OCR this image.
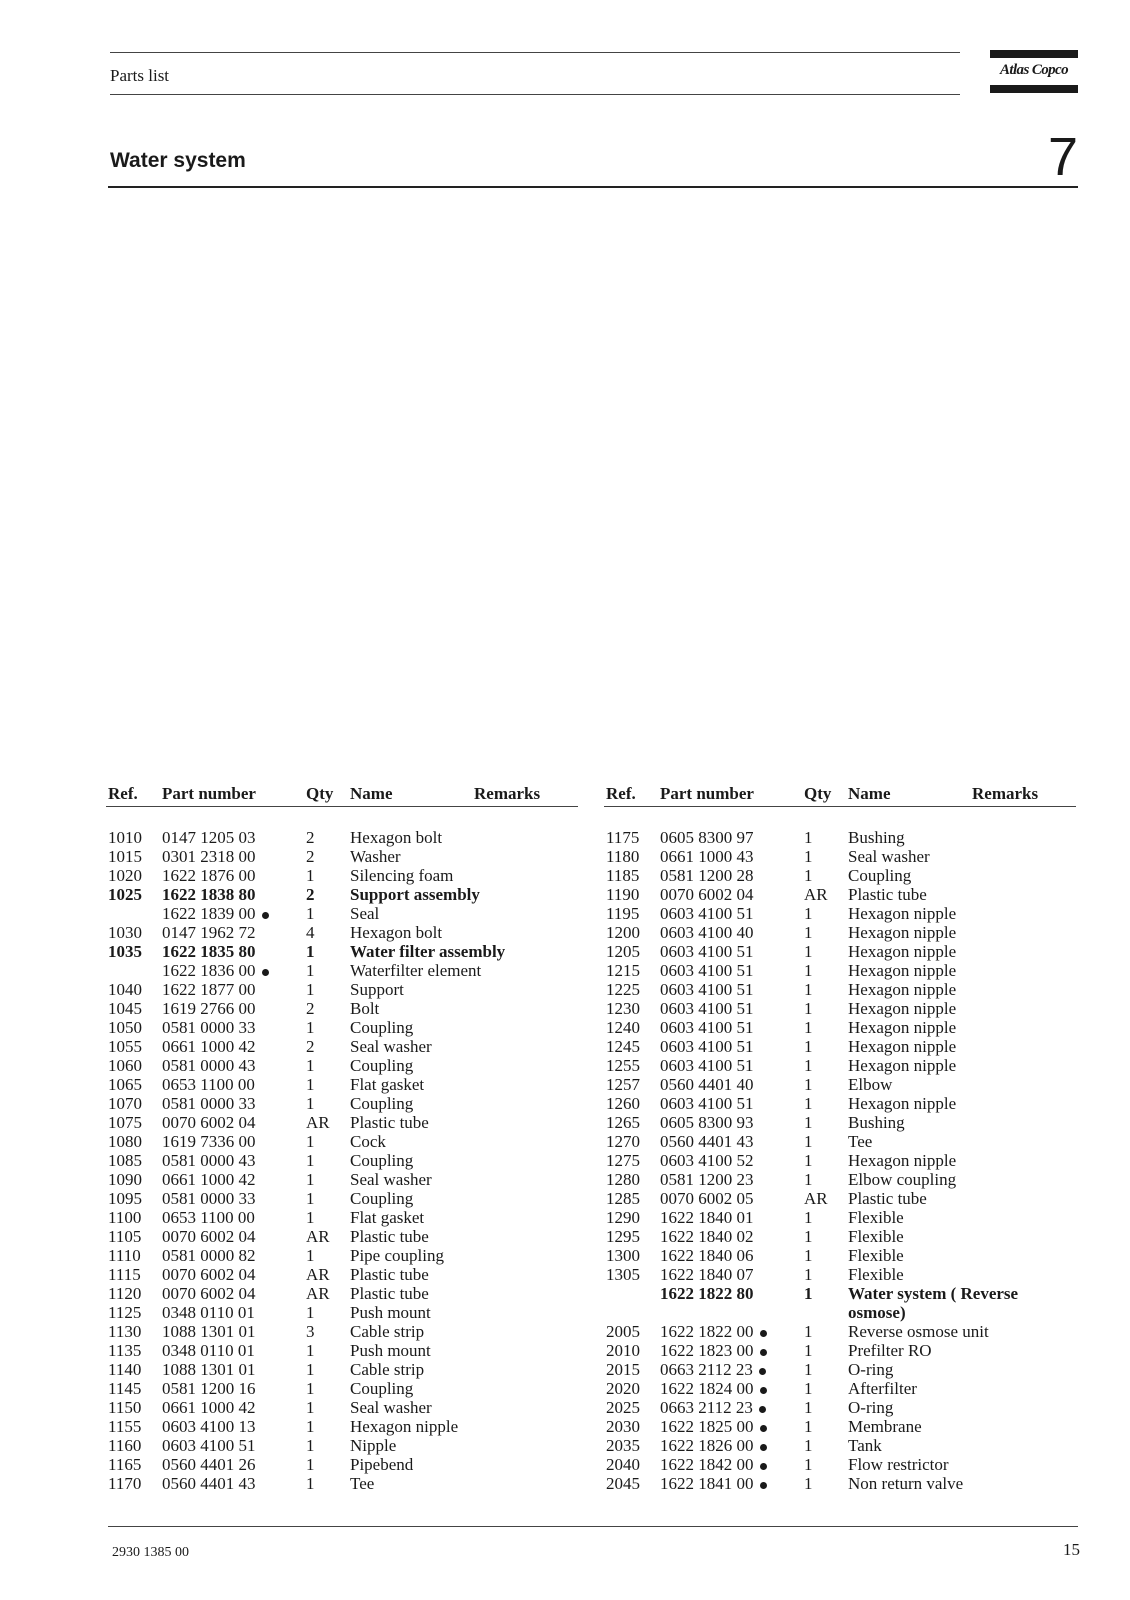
Parts list	Atlas Copco
Water system	7
Ref. Part number	Qty Name	Remarks
1010 0147 1205 03	2 Hexagon bolt
1015 0301 2318 00	2 Washer
1020 1622 1876 00	1 Silencing foam
1025 1622 1838 80	2 Support assembly
1622 1839 00	1 Seal
1030 0147 1962 72	4 Hexagon bolt
1035 1622 1835 80	1 Water filter assembly
1622 1836 00	1 Waterfilter element
1040 1622 1877 00	1 Support
1045 1619 2766 00	2 Bolt
1050 0581 0000 33	1 Coupling
1055 0661 1000 42	2 Seal washer
1060 0581 0000 43	1 Coupling
1065 0653 1100 00	1 Flat gasket
1070 0581 0000 33	1 Coupling
1075 0070 6002 04	AR Plastic tube
1080 1619 7336 00	1 Cock
1085 0581 0000 43	1 Coupling
1090 0661 1000 42	1 Seal washer
1095 0581 0000 33	1 Coupling
1100 0653 1100 00	1 Flat gasket
1105 0070 6002 04	AR Plastic tube
1110 0581 0000 82	1 Pipe coupling
1115 0070 6002 04	AR Plastic tube
1120 0070 6002 04	AR Plastic tube
1125 0348 0110 01	1 Push mount
1130 1088 1301 01	3 Cable strip
1135 0348 0110 01	1 Push mount
1140 1088 1301 01	1 Cable strip
1145 0581 1200 16	1 Coupling
1150 0661 1000 42	1 Seal washer
1155 0603 4100 13	1 Hexagon nipple
1160 0603 4100 51	1 Nipple
1165 0560 4401 26	1 Pipebend
1170 0560 4401 43	1 Tee
Ref. Part number	Qty Name	Remarks
1175 0605 8300 97	1 Bushing
1180 0661 1000 43	1 Seal washer
1185 0581 1200 28	1 Coupling
1190 0070 6002 04	AR Plastic tube
1195 0603 4100 51	1 Hexagon nipple
1200 0603 4100 40	1 Hexagon nipple
1205 0603 4100 51	1 Hexagon nipple
1215 0603 4100 51	1 Hexagon nipple
1225 0603 4100 51	1 Hexagon nipple
1230 0603 4100 51	1 Hexagon nipple
1240 0603 4100 51	1 Hexagon nipple
1245 0603 4100 51	1 Hexagon nipple
1255 0603 4100 51	1 Hexagon nipple
1257 0560 4401 40	1 Elbow
1260 0603 4100 51	1 Hexagon nipple
1265 0605 8300 93	1 Bushing
1270 0560 4401 43	1 Tee
1275 0603 4100 52	1 Hexagon nipple
1280 0581 1200 23	1 Elbow coupling
1285 0070 6002 05	AR Plastic tube
1290 1622 1840 01	1 Flexible
1295 1622 1840 02	1 Flexible
1300 1622 1840 06	1 Flexible
1305 1622 1840 07	1 Flexible
1622 1822 80	1 Water system ( Reverse osmose)
2005 1622 1822 00	1 Reverse osmose unit
2010 1622 1823 00	1 Prefilter RO
2015 0663 2112 23	1 O-ring
2020 1622 1824 00	1 Afterfilter
2025 0663 2112 23	1 O-ring
2030 1622 1825 00	1 Membrane
2035 1622 1826 00	1 Tank
2040 1622 1842 00	1 Flow restrictor
2045 1622 1841 00	1 Non return valve
2930 1385 00	15
